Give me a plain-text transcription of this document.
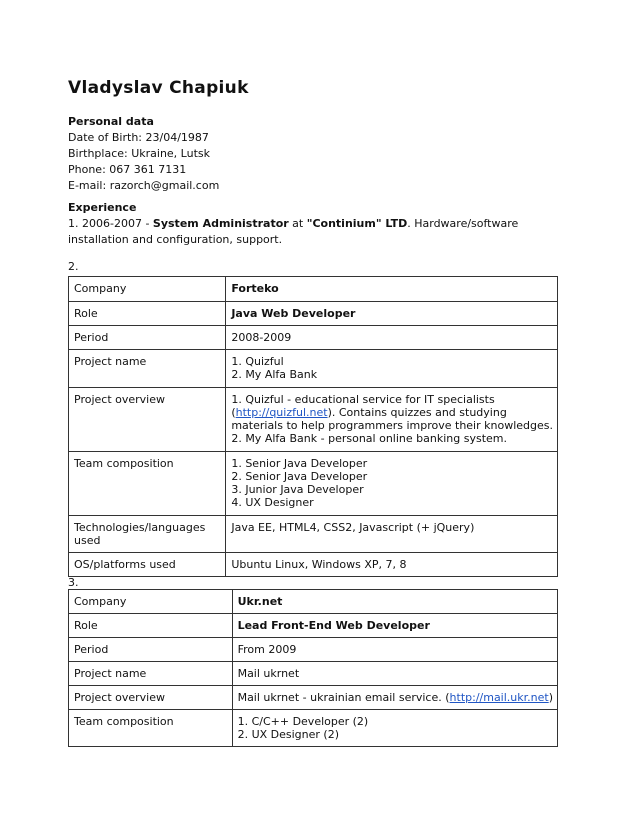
Vladyslav Chapiuk
Personal data
Date of Birth: 23/04/1987
Birthplace: Ukraine, Lutsk
Phone: 067 361 7131
E-mail: razorch@gmail.com
Experience
1. 2006-2007 - System Administrator at "Continium" LTD. Hardware/software
installation and configuration, support.
2.
Company	Forteko
Role	Java Web Developer
Period	2008-2009
Project name	1. Quizful
2. My Alfa Bank

Project overview	1. Quizful - educational service for IT specialists
(http://quizful.net). Contains quizzes and studying
materials to help programmers improve their knowledges.
2. My Alfa Bank - personal online banking system.

Team composition	1. Senior Java Developer
2. Senior Java Developer
3. Junior Java Developer
4. UX Designer

Technologies/languages used	Java EE, HTML4, CSS2, Javascript (+ jQuery)
OS/platforms used	Ubuntu Linux, Windows XP, 7, 8
3.
Company	Ukr.net
Role	Lead Front-End Web Developer
Period	From 2009
Project name	Mail ukrnet
Project overview	Mail ukrnet - ukrainian email service. (http://mail.ukr.net)

Team composition	1. C/C++ Developer (2)
2. UX Designer (2)
